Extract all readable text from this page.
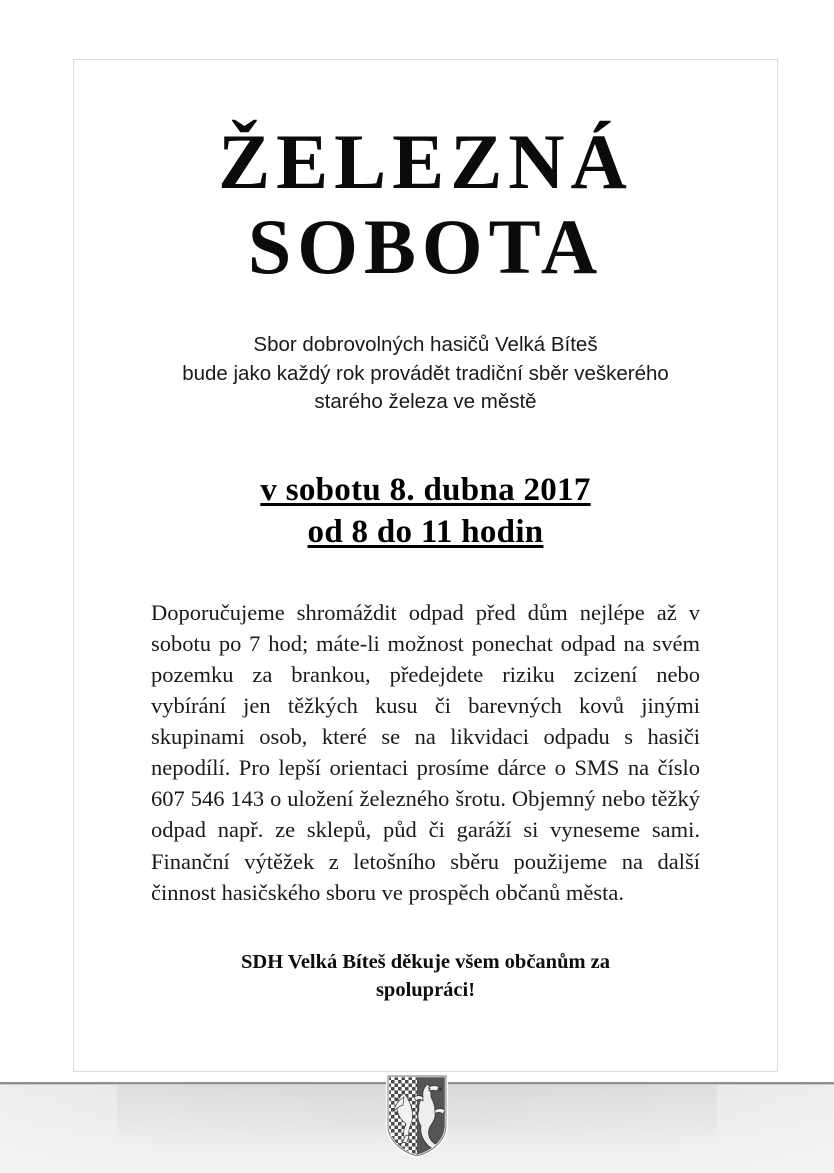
ŽELEZNÁ
SOBOTA
Sbor dobrovolných hasičů Velká Bíteš
bude jako každý rok provádět tradiční sběr veškerého
starého železa ve městě
v sobotu 8. dubna 2017
od 8 do 11 hodin

Doporučujeme shromáždit odpad před dům nejlépe až v sobotu po 7 hod; máte-li možnost ponechat odpad na svém pozemku za brankou, předejdete riziku zcizení nebo vybírání jen těžkých kusu či barevných kovů jinými skupinami osob, které se na likvidaci odpadu s hasiči nepodílí. Pro lepší orientaci prosíme dárce o SMS na číslo 607 546 143 o uložení železného šrotu. Objemný nebo těžký odpad např. ze sklepů, půd či garáží si vyneseme sami. Finanční výtěžek z letošního sběru použijeme na další činnost hasičského sboru ve prospěch občanů města.

SDH Velká Bíteš děkuje všem občanům za
spolupráci!
